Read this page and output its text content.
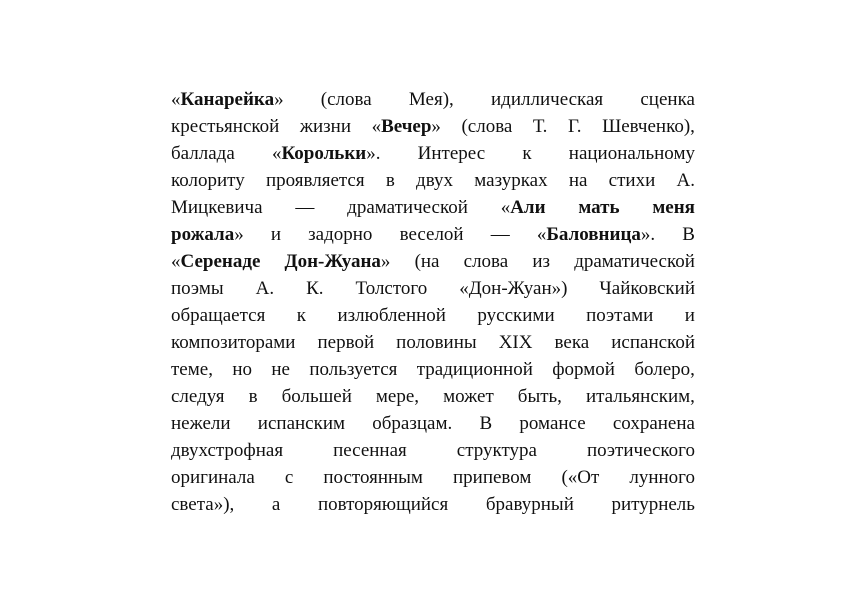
«Канарейка» (слова Мея), идиллическая сценка
крестьянской жизни «Вечер» (слова Т. Г. Шевченко),
баллада «Корольки». Интерес к национальному
колориту проявляется в двух мазурках на стихи А.
Мицкевича — драматической «Али мать меня
рожала» и задорно веселой — «Баловница». В
«Серенаде Дон-Жуана» (на слова из драматической
поэмы А. К. Толстого «Дон-Жуан») Чайковский
обращается к излюбленной русскими поэтами и
композиторами первой половины XIX века испанской
теме, но не пользуется традиционной формой болеро,
следуя в большей мере, может быть, итальянским,
нежели испанским образцам. В романсе сохранена
двухстрофная	песенная	структура	поэтического
оригинала с постоянным припевом («От лунного
света»), а повторяющийся бравурный ритурнель
